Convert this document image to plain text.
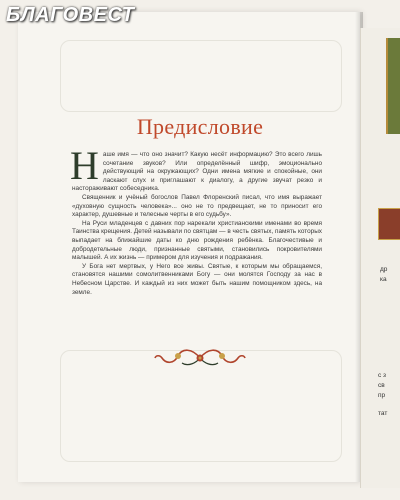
др
ка
с з
св
пр
тат
БЛАГОВЕСТ
Предисловие

Наше имя — что оно значит? Какую несёт информацию? Это всего лишь сочетание звуков? Или определённый шифр, эмоционально действующий на окружающих? Одни имена мягкие и спокойные, они ласкают слух и приглашают к диалогу, а другие звучат резко и настораживают собеседника.

Священник и учёный богослов Павел Флоренский писал, что имя выражает «духовную сущность человека»... оно не то предвещает, не то приносит его характер, душевные и телесные черты в его судьбу».

На Руси младенцев с давних пор нарекали христианскими именами во время Таинства крещения. Детей называли по святцам — в честь святых, память которых выпадает на ближайшие даты ко дню рождения ребёнка. Благочестивые и добродетельные люди, признанные святыми, становились покровителями малышей. А их жизнь — примером для изучения и подражания.

У Бога нет мертвых, у Него все живы. Святые, к которым мы обращаемся, становятся нашими сомолитвенниками Богу — они молятся Господу за нас в Небесном Царстве. И каждый из них может быть нашим помощником здесь, на земле.
